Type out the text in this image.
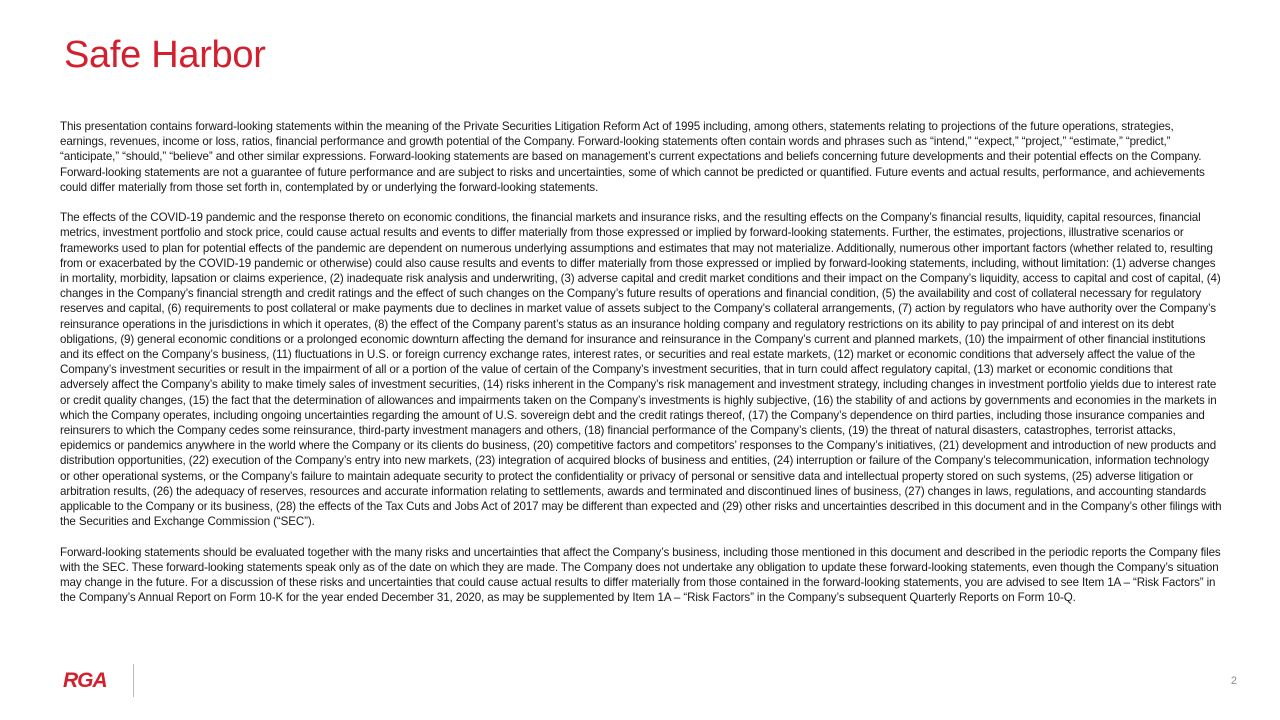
Safe Harbor

This presentation contains forward-looking statements within the meaning of the Private Securities Litigation Reform Act of 1995 including, among others, statements relating to projections of the future operations, strategies, earnings, revenues, income or loss, ratios, financial performance and growth potential of the Company. Forward-looking statements often contain words and phrases such as “intend,” “expect,” “project,” “estimate,” “predict,” “anticipate,” “should,” “believe” and other similar expressions. Forward-looking statements are based on management’s current expectations and beliefs concerning future developments and their potential effects on the Company. Forward-looking statements are not a guarantee of future performance and are subject to risks and uncertainties, some of which cannot be predicted or quantified. Future events and actual results, performance, and achievements could differ materially from those set forth in, contemplated by or underlying the forward-looking statements.

The effects of the COVID-19 pandemic and the response thereto on economic conditions, the financial markets and insurance risks, and the resulting effects on the Company’s financial results, liquidity, capital resources, financial metrics, investment portfolio and stock price, could cause actual results and events to differ materially from those expressed or implied by forward-looking statements. Further, the estimates, projections, illustrative scenarios or frameworks used to plan for potential effects of the pandemic are dependent on numerous underlying assumptions and estimates that may not materialize. Additionally, numerous other important factors (whether related to, resulting from or exacerbated by the COVID-19 pandemic or otherwise) could also cause results and events to differ materially from those expressed or implied by forward-looking statements, including, without limitation: (1) adverse changes in mortality, morbidity, lapsation or claims experience, (2) inadequate risk analysis and underwriting, (3) adverse capital and credit market conditions and their impact on the Company’s liquidity, access to capital and cost of capital, (4) changes in the Company’s financial strength and credit ratings and the effect of such changes on the Company’s future results of operations and financial condition, (5) the availability and cost of collateral necessary for regulatory reserves and capital, (6) requirements to post collateral or make payments due to declines in market value of assets subject to the Company’s collateral arrangements, (7) action by regulators who have authority over the Company’s reinsurance operations in the jurisdictions in which it operates, (8) the effect of the Company parent’s status as an insurance holding company and regulatory restrictions on its ability to pay principal of and interest on its debt obligations, (9) general economic conditions or a prolonged economic downturn affecting the demand for insurance and reinsurance in the Company’s current and planned markets, (10) the impairment of other financial institutions and its effect on the Company’s business, (11) fluctuations in U.S. or foreign currency exchange rates, interest rates, or securities and real estate markets, (12) market or economic conditions that adversely affect the value of the Company’s investment securities or result in the impairment of all or a portion of the value of certain of the Company’s investment securities, that in turn could affect regulatory capital, (13) market or economic conditions that adversely affect the Company’s ability to make timely sales of investment securities, (14) risks inherent in the Company’s risk management and investment strategy, including changes in investment portfolio yields due to interest rate or credit quality changes, (15) the fact that the determination of allowances and impairments taken on the Company’s investments is highly subjective, (16) the stability of and actions by governments and economies in the markets in which the Company operates, including ongoing uncertainties regarding the amount of U.S. sovereign debt and the credit ratings thereof, (17) the Company’s dependence on third parties, including those insurance companies and reinsurers to which the Company cedes some reinsurance, third-party investment managers and others, (18) financial performance of the Company’s clients, (19) the threat of natural disasters, catastrophes, terrorist attacks, epidemics or pandemics anywhere in the world where the Company or its clients do business, (20) competitive factors and competitors’ responses to the Company’s initiatives, (21) development and introduction of new products and distribution opportunities, (22) execution of the Company’s entry into new markets, (23) integration of acquired blocks of business and entities, (24) interruption or failure of the Company’s telecommunication, information technology or other operational systems, or the Company’s failure to maintain adequate security to protect the confidentiality or privacy of personal or sensitive data and intellectual property stored on such systems, (25) adverse litigation or arbitration results, (26) the adequacy of reserves, resources and accurate information relating to settlements, awards and terminated and discontinued lines of business, (27) changes in laws, regulations, and accounting standards applicable to the Company or its business, (28) the effects of the Tax Cuts and Jobs Act of 2017 may be different than expected and (29) other risks and uncertainties described in this document and in the Company’s other filings with the Securities and Exchange Commission (“SEC”).

Forward-looking statements should be evaluated together with the many risks and uncertainties that affect the Company’s business, including those mentioned in this document and described in the periodic reports the Company files with the SEC. These forward-looking statements speak only as of the date on which they are made. The Company does not undertake any obligation to update these forward-looking statements, even though the Company’s situation may change in the future. For a discussion of these risks and uncertainties that could cause actual results to differ materially from those contained in the forward-looking statements, you are advised to see Item 1A – “Risk Factors” in the Company’s Annual Report on Form 10-K for the year ended December 31, 2020, as may be supplemented by Item 1A – “Risk Factors” in the Company’s subsequent Quarterly Reports on Form 10-Q.

RGA	2
